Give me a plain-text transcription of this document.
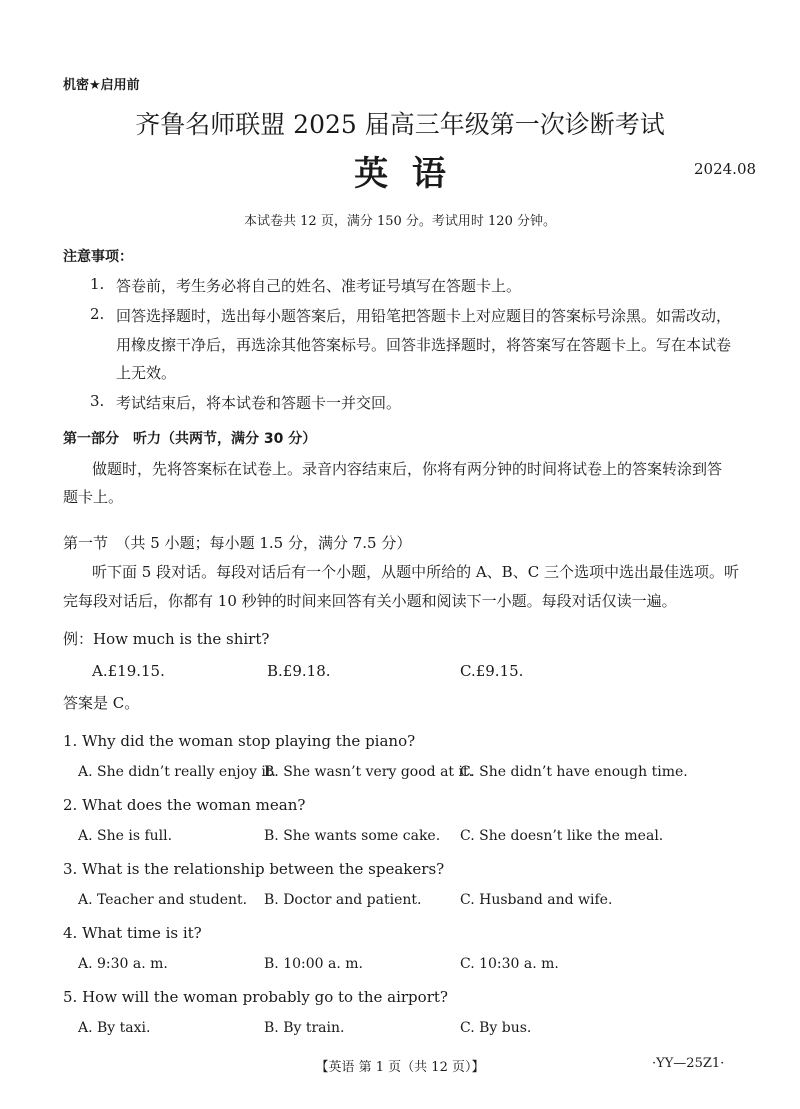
机密★启用前
齐鲁名师联盟 2025 届高三年级第一次诊断考试
英  语	2024.08
本试卷共 12 页，满分 150 分。考试用时 120 分钟。
注意事项：
1. 答卷前，考生务必将自己的姓名、准考证号填写在答题卡上。
2. 回答选择题时，选出每小题答案后，用铅笔把答题卡上对应题目的答案标号涂黑。如需改动，
用橡皮擦干净后，再选涂其他答案标号。回答非选择题时，将答案写在答题卡上。写在本试卷
上无效。
3. 考试结束后，将本试卷和答题卡一并交回。
第一部分　听力（共两节，满分 30 分）
做题时，先将答案标在试卷上。录音内容结束后，你将有两分钟的时间将试卷上的答案转涂到答
题卡上。
第一节　（共 5 小题；每小题 1.5 分，满分 7.5 分）
听下面 5 段对话。每段对话后有一个小题，从题中所给的 A、B、C 三个选项中选出最佳选项。听
完每段对话后，你都有 10 秒钟的时间来回答有关小题和阅读下一小题。每段对话仅读一遍。
例：How much is the shirt?
A.£19.15.	B.£9.18.	C.£9.15.
答案是 C。
1. Why did the woman stop playing the piano?
A. She didn’t really enjoy it.
B. She wasn’t very good at it.
C. She didn’t have enough time.
2. What does the woman mean?
A. She is full.	B. She wants some cake. C. She doesn’t like the meal.
3. What is the relationship between the speakers?
A. Teacher and student. B. Doctor and patient.	C. Husband and wife.
4. What time is it?
A. 9:30 a. m.	B. 10:00 a. m.	C. 10:30 a. m.
5. How will the woman probably go to the airport?
A. By taxi.	B. By train.	C. By bus.
【英语 第 1 页（共 12 页）】	·YY—25Z1·
